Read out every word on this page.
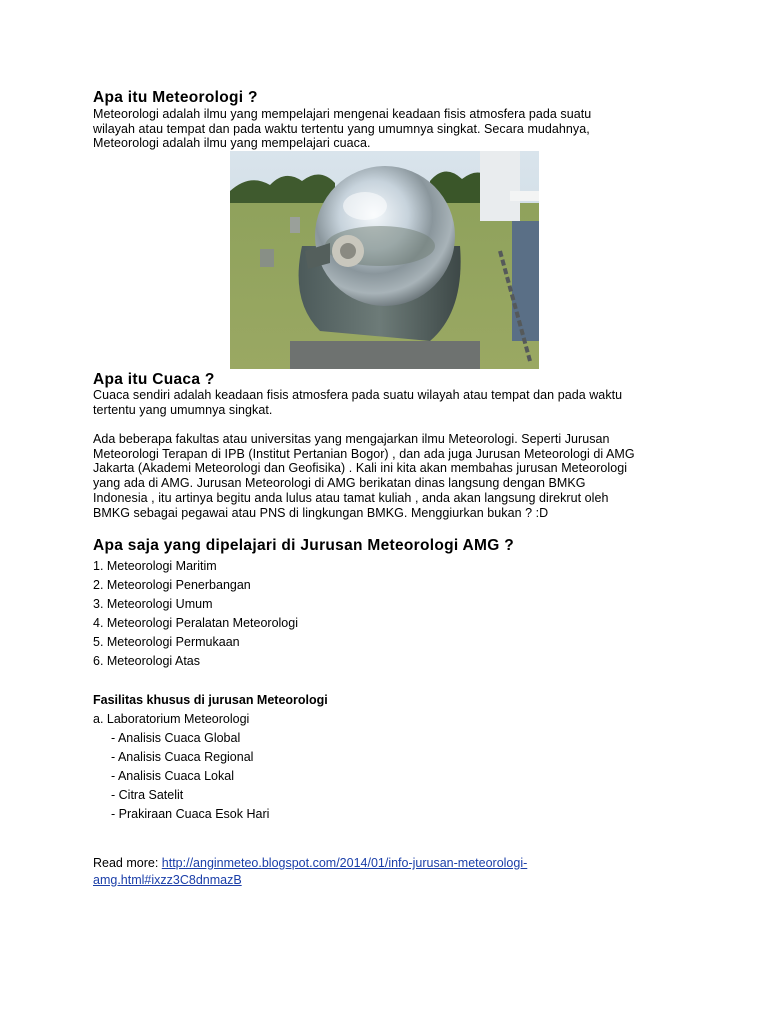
Apa itu Meteorologi ?
Meteorologi adalah ilmu yang mempelajari mengenai keadaan fisis atmosfera pada suatu
wilayah atau tempat dan pada waktu tertentu yang umumnya singkat. Secara mudahnya,
Meteorologi adalah ilmu yang mempelajari cuaca.
Apa itu Cuaca ?
Cuaca sendiri adalah keadaan fisis atmosfera pada suatu wilayah atau tempat dan pada waktu
tertentu yang umumnya singkat.
Ada beberapa fakultas atau universitas yang mengajarkan ilmu Meteorologi. Seperti Jurusan
Meteorologi Terapan di IPB (Institut Pertanian Bogor) , dan ada juga Jurusan Meteorologi di AMG
Jakarta (Akademi Meteorologi dan Geofisika) . Kali ini kita akan membahas jurusan Meteorologi
yang ada di AMG. Jurusan Meteorologi di AMG berikatan dinas langsung dengan BMKG
Indonesia , itu artinya begitu anda lulus atau tamat kuliah , anda akan langsung direkrut oleh
BMKG sebagai pegawai atau PNS di lingkungan BMKG. Menggiurkan bukan ? :D
Apa saja yang dipelajari di Jurusan Meteorologi AMG ?
1. Meteorologi Maritim
2. Meteorologi Penerbangan
3. Meteorologi Umum
4. Meteorologi Peralatan Meteorologi
5. Meteorologi Permukaan
6. Meteorologi Atas
Fasilitas khusus di jurusan Meteorologi
a. Laboratorium Meteorologi
- Analisis Cuaca Global
- Analisis Cuaca Regional
- Analisis Cuaca Lokal
- Citra Satelit
- Prakiraan Cuaca Esok Hari
Read more: http://anginmeteo.blogspot.com/2014/01/info-jurusan-meteorologi-
amg.html#ixzz3C8dnmazB
